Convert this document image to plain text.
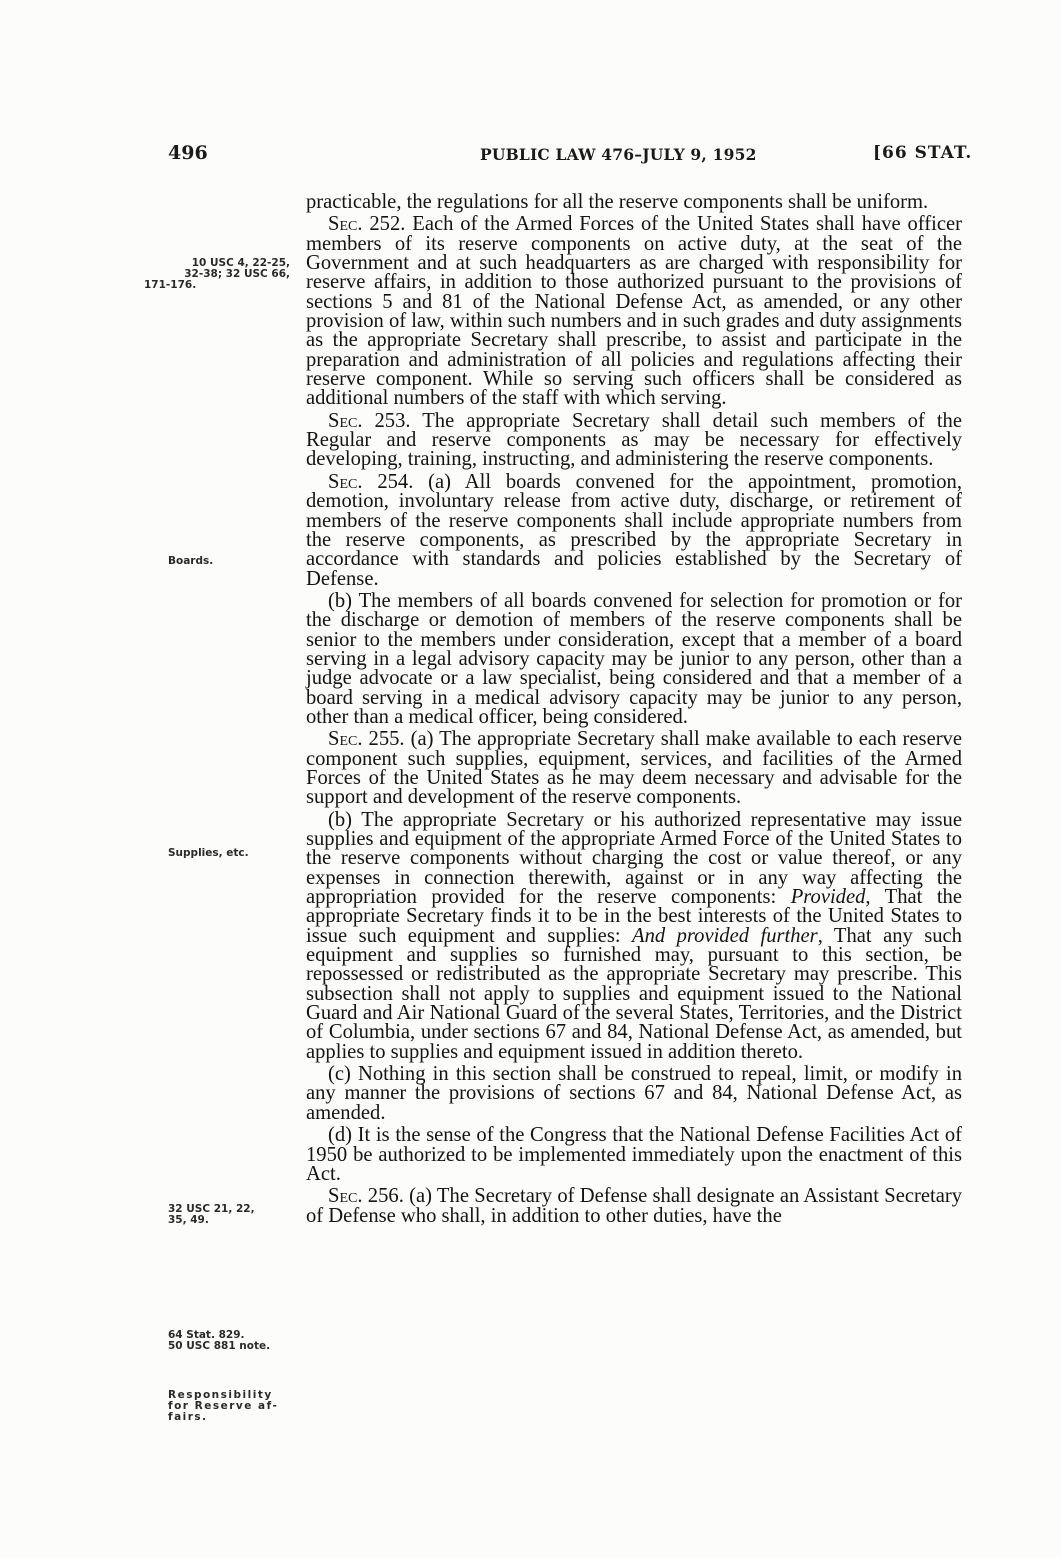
496	PUBLIC LAW 476–JULY 9, 1952	[66 STAT.
10 USC 4, 22-25,
32-38; 32 USC 66,
171-176.
Boards.
Supplies, etc.
32 USC 21, 22,
35, 49.
64 Stat. 829.
50 USC 881 note.
Responsibility
for Reserve af-
fairs.

practicable, the regulations for all the reserve components shall be uniform.

Sec. 252. Each of the Armed Forces of the United States shall have officer members of its reserve components on active duty, at the seat of the Government and at such headquarters as are charged with responsibility for reserve affairs, in addition to those authorized pursuant to the provisions of sections 5 and 81 of the National Defense Act, as amended, or any other provision of law, within such numbers and in such grades and duty assignments as the appropriate Secretary shall prescribe, to assist and participate in the preparation and administration of all policies and regulations affecting their reserve component. While so serving such officers shall be considered as additional numbers of the staff with which serving.

Sec. 253. The appropriate Secretary shall detail such members of the Regular and reserve components as may be necessary for effectively developing, training, instructing, and administering the reserve components.

Sec. 254. (a) All boards convened for the appointment, promotion, demotion, involuntary release from active duty, discharge, or retirement of members of the reserve components shall include appropriate numbers from the reserve components, as prescribed by the appropriate Secretary in accordance with standards and policies established by the Secretary of Defense.

(b) The members of all boards convened for selection for promotion or for the discharge or demotion of members of the reserve components shall be senior to the members under consideration, except that a member of a board serving in a legal advisory capacity may be junior to any person, other than a judge advocate or a law specialist, being considered and that a member of a board serving in a medical advisory capacity may be junior to any person, other than a medical officer, being considered.

Sec. 255. (a) The appropriate Secretary shall make available to each reserve component such supplies, equipment, services, and facilities of the Armed Forces of the United States as he may deem necessary and advisable for the support and development of the reserve components.

(b) The appropriate Secretary or his authorized representative may issue supplies and equipment of the appropriate Armed Force of the United States to the reserve components without charging the cost or value thereof, or any expenses in connection therewith, against or in any way affecting the appropriation provided for the reserve components: Provided, That the appropriate Secretary finds it to be in the best interests of the United States to issue such equipment and supplies: And provided further, That any such equipment and supplies so furnished may, pursuant to this section, be repossessed or redistributed as the appropriate Secretary may prescribe. This subsection shall not apply to supplies and equipment issued to the National Guard and Air National Guard of the several States, Territories, and the District of Columbia, under sections 67 and 84, National Defense Act, as amended, but applies to supplies and equipment issued in addition thereto.

(c) Nothing in this section shall be construed to repeal, limit, or modify in any manner the provisions of sections 67 and 84, National Defense Act, as amended.

(d) It is the sense of the Congress that the National Defense Facilities Act of 1950 be authorized to be implemented immediately upon the enactment of this Act.

Sec. 256. (a) The Secretary of Defense shall designate an Assistant Secretary of Defense who shall, in addition to other duties, have the
